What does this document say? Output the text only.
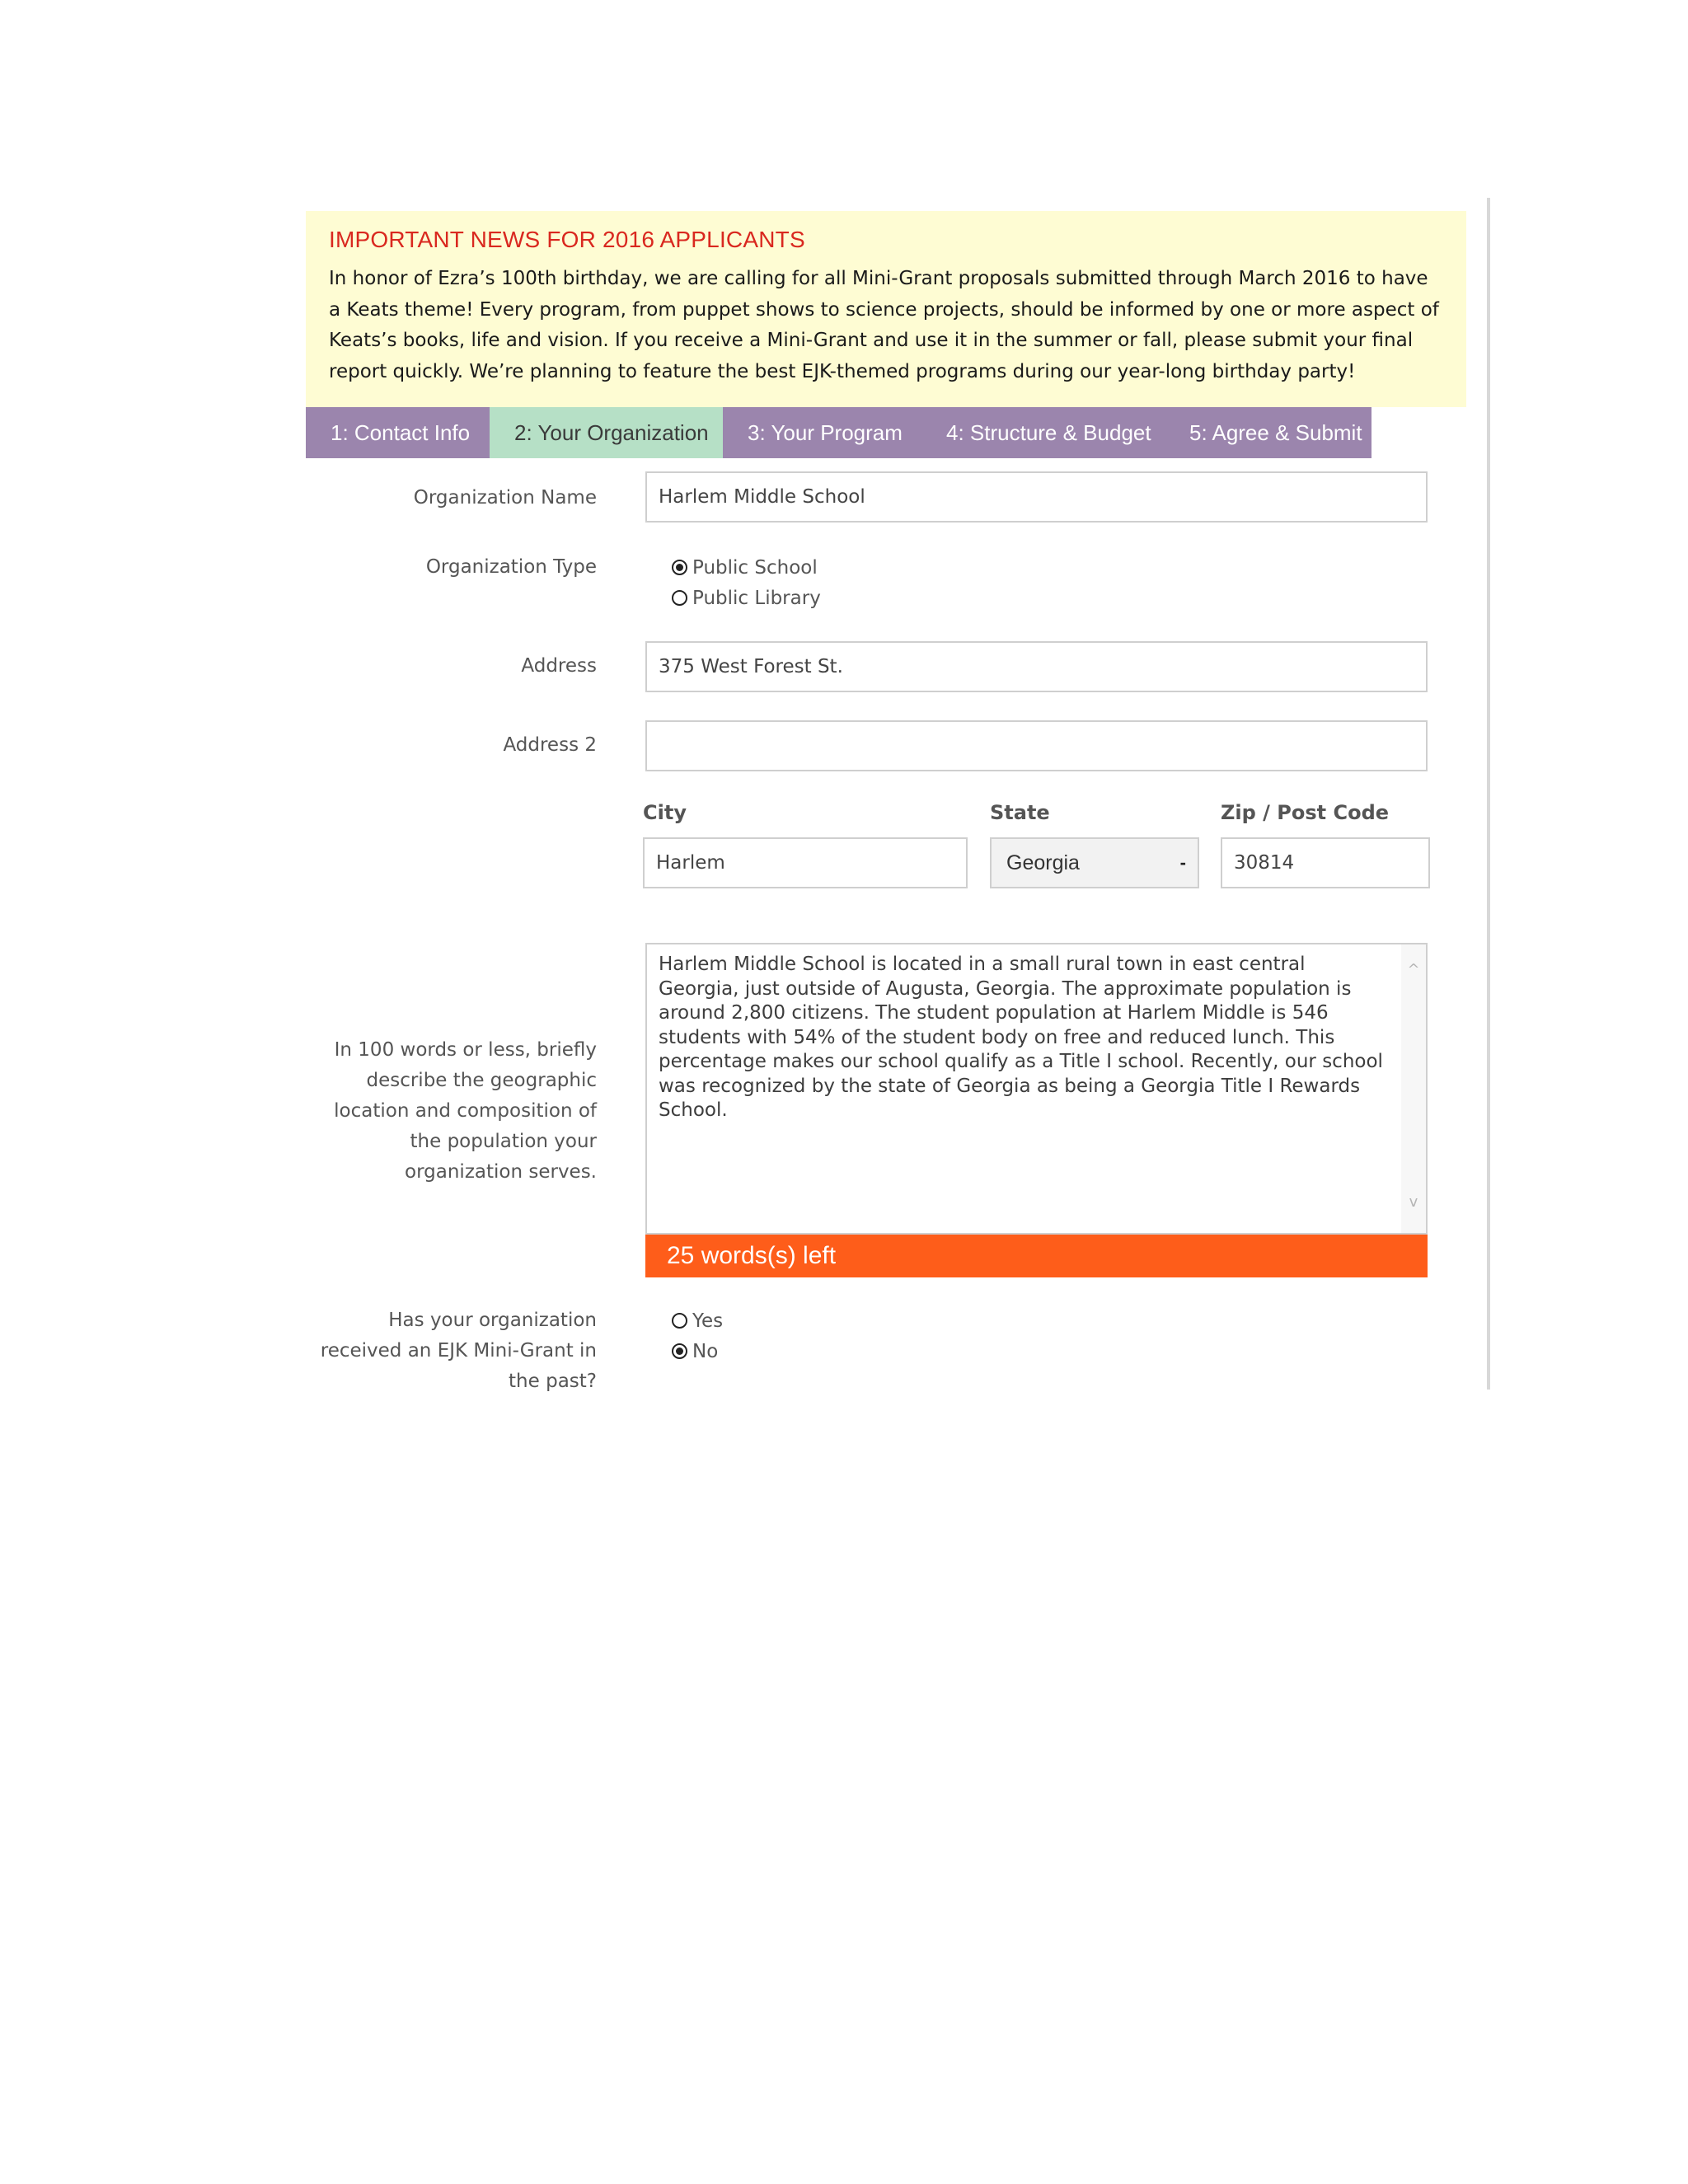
IMPORTANT NEWS FOR 2016 APPLICANTS

In honor of Ezra’s 100th birthday, we are calling for all Mini-Grant proposals submitted through March 2016 to have a Keats theme! Every program, from puppet shows to science projects, should be informed by one or more aspect of Keats’s books, life and vision. If you receive a Mini-Grant and use it in the summer or fall, please submit your final report quickly. We’re planning to feature the best EJK-themed programs during our year-long birthday party!

1: Contact Info	2: Your Organization	3: Your Program	4: Structure & Budget	5: Agree & Submit
Organization Name	Harlem Middle School
Organization Type	Public School
Public Library
Address	375 West Forest St.
Address 2
City	State	Zip / Post Code
Harlem	Georgia	-	30814
In 100 words or less, briefly describe the geographic location and composition of the population your organization serves.
Harlem Middle School is located in a small rural town in east central Georgia, just outside of Augusta, Georgia. The approximate population is around 2,800 citizens. The student population at Harlem Middle is 546 students with 54% of the student body on free and reduced lunch. This percentage makes our school qualify as a Title I school. Recently, our school was recognized by the state of Georgia as being a Georgia Title I Rewards School.
^
v
25 words(s) left
Has your organization received an EJK Mini-Grant in the past?
Yes
No
